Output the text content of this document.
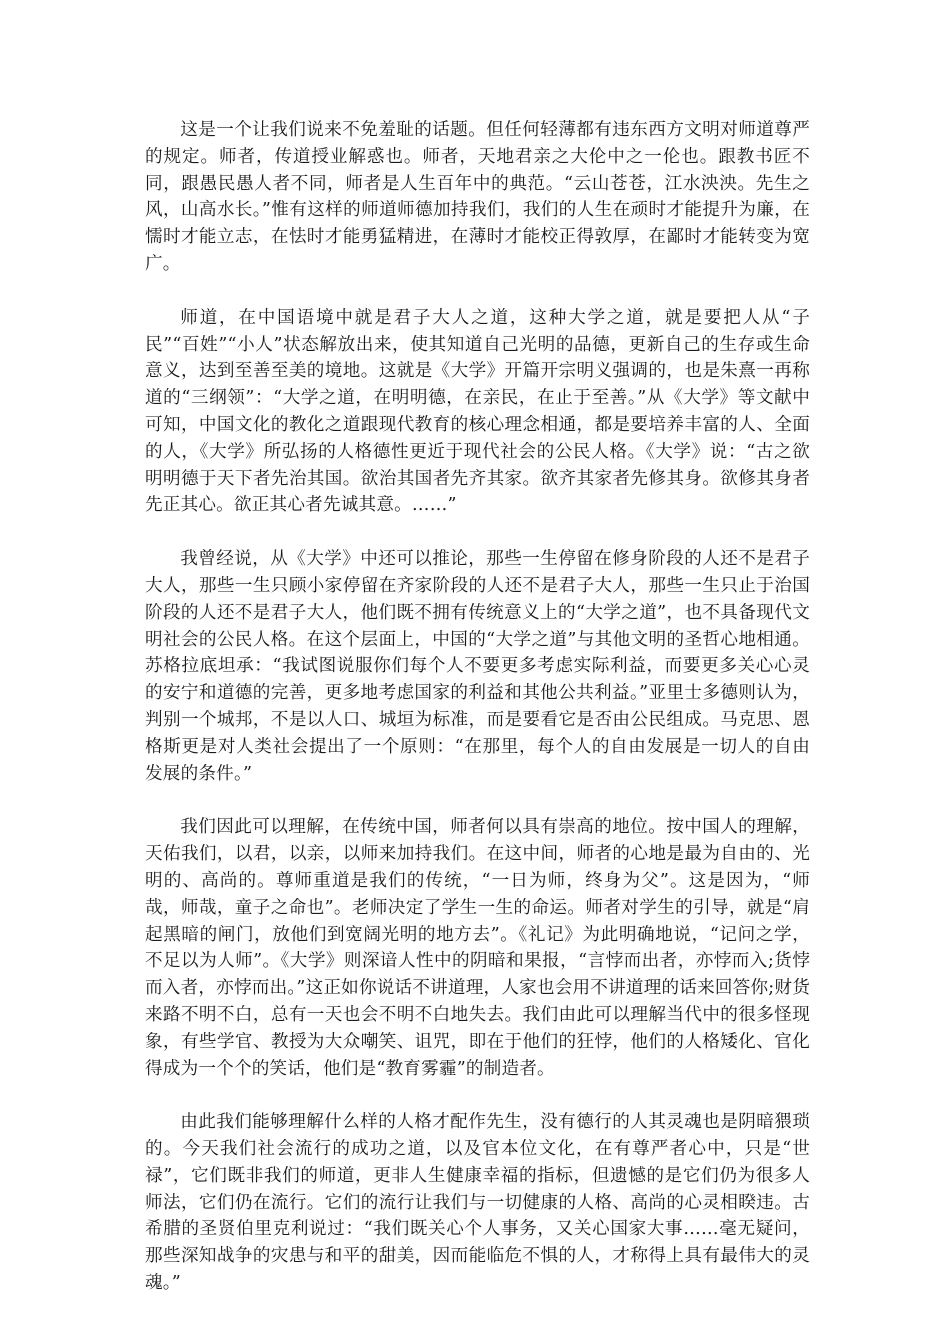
这是一个让我们说来不免羞耻的话题。但任何轻薄都有违东西方文明对师道尊严的规定。师者，传道授业解惑也。师者，天地君亲之大伦中之一伦也。跟教书匠不同，跟愚民愚人者不同，师者是人生百年中的典范。“云山苍苍，江水泱泱。先生之风，山高水长。”惟有这样的师道师德加持我们，我们的人生在顽时才能提升为廉，在懦时才能立志，在怯时才能勇猛精进，在薄时才能校正得敦厚，在鄙时才能转变为宽广。

师道，在中国语境中就是君子大人之道，这种大学之道，就是要把人从“子民”“百姓”“小人”状态解放出来，使其知道自己光明的品德，更新自己的生存或生命意义，达到至善至美的境地。这就是《大学》开篇开宗明义强调的，也是朱熹一再称道的“三纲领”：“大学之道，在明明德，在亲民，在止于至善。”从《大学》等文献中可知，中国文化的教化之道跟现代教育的核心理念相通，都是要培养丰富的人、全面的人，《大学》所弘扬的人格德性更近于现代社会的公民人格。《大学》说：“古之欲明明德于天下者先治其国。欲治其国者先齐其家。欲齐其家者先修其身。欲修其身者先正其心。欲正其心者先诚其意。……”

我曾经说，从《大学》中还可以推论，那些一生停留在修身阶段的人还不是君子大人，那些一生只顾小家停留在齐家阶段的人还不是君子大人，那些一生只止于治国阶段的人还不是君子大人，他们既不拥有传统意义上的“大学之道”，也不具备现代文明社会的公民人格。在这个层面上，中国的“大学之道”与其他文明的圣哲心地相通。苏格拉底坦承：“我试图说服你们每个人不要更多考虑实际利益，而要更多关心心灵的安宁和道德的完善，更多地考虑国家的利益和其他公共利益。”亚里士多德则认为，判别一个城邦，不是以人口、城垣为标准，而是要看它是否由公民组成。马克思、恩格斯更是对人类社会提出了一个原则：“在那里，每个人的自由发展是一切人的自由发展的条件。”

我们因此可以理解，在传统中国，师者何以具有崇高的地位。按中国人的理解，天佑我们，以君，以亲，以师来加持我们。在这中间，师者的心地是最为自由的、光明的、高尚的。尊师重道是我们的传统，“一日为师，终身为父”。这是因为，“师哉，师哉，童子之命也”。老师决定了学生一生的命运。师者对学生的引导，就是“肩起黑暗的闸门，放他们到宽阔光明的地方去”。《礼记》为此明确地说，“记问之学，不足以为人师”。《大学》则深谙人性中的阴暗和果报，“言悖而出者，亦悖而入;货悖而入者，亦悖而出。”这正如你说话不讲道理，人家也会用不讲道理的话来回答你;财货来路不明不白，总有一天也会不明不白地失去。我们由此可以理解当代中的很多怪现象，有些学官、教授为大众嘲笑、诅咒，即在于他们的狂悖，他们的人格矮化、官化得成为一个个的笑话，他们是“教育雾霾”的制造者。

由此我们能够理解什么样的人格才配作先生，没有德行的人其灵魂也是阴暗猥琐的。今天我们社会流行的成功之道，以及官本位文化，在有尊严者心中，只是“世禄”，它们既非我们的师道，更非人生健康幸福的指标，但遗憾的是它们仍为很多人师法，它们仍在流行。它们的流行让我们与一切健康的人格、高尚的心灵相睽违。古希腊的圣贤伯里克利说过：“我们既关心个人事务，又关心国家大事……毫无疑问，那些深知战争的灾患与和平的甜美，因而能临危不惧的人，才称得上具有最伟大的灵魂。”
